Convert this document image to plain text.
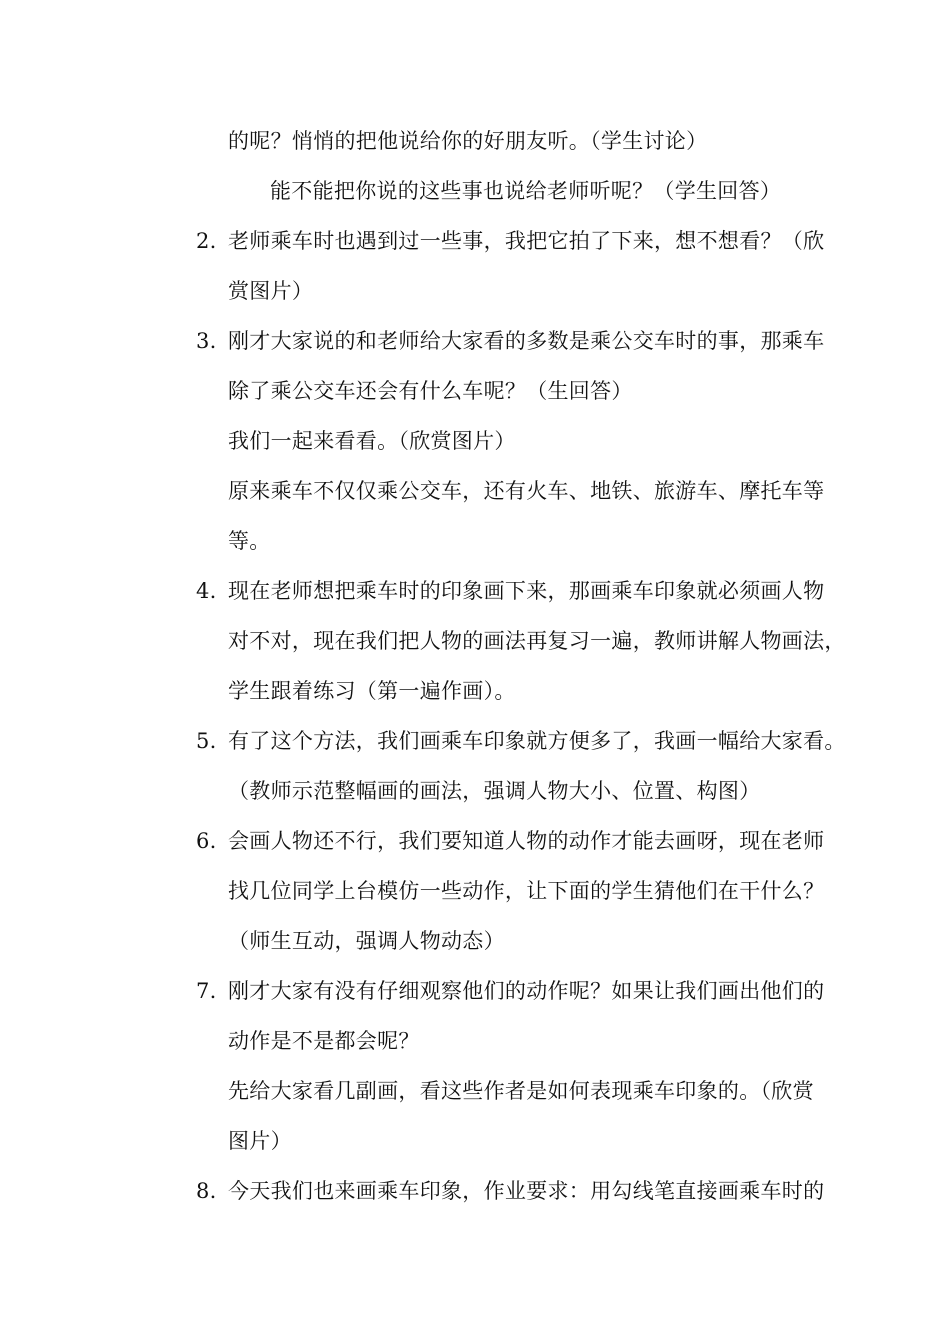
的呢？悄悄的把他说给你的好朋友听。（学生讨论）
能不能把你说的这些事也说给老师听呢？（学生回答）
2. 老师乘车时也遇到过一些事，我把它拍了下来，想不想看？（欣
赏图片）
3. 刚才大家说的和老师给大家看的多数是乘公交车时的事，那乘车
除了乘公交车还会有什么车呢？（生回答）
我们一起来看看。（欣赏图片）
原来乘车不仅仅乘公交车，还有火车、地铁、旅游车、摩托车等
等。
4. 现在老师想把乘车时的印象画下来，那画乘车印象就必须画人物
对不对，现在我们把人物的画法再复习一遍，教师讲解人物画法，
学生跟着练习（第一遍作画）。
5. 有了这个方法，我们画乘车印象就方便多了，我画一幅给大家看。
（教师示范整幅画的画法，强调人物大小、位置、构图）
6. 会画人物还不行，我们要知道人物的动作才能去画呀，现在老师
找几位同学上台模仿一些动作，让下面的学生猜他们在干什么？
（师生互动，强调人物动态）
7. 刚才大家有没有仔细观察他们的动作呢？如果让我们画出他们的
动作是不是都会呢？
先给大家看几副画，看这些作者是如何表现乘车印象的。（欣赏
图片）
8. 今天我们也来画乘车印象，作业要求：用勾线笔直接画乘车时的
